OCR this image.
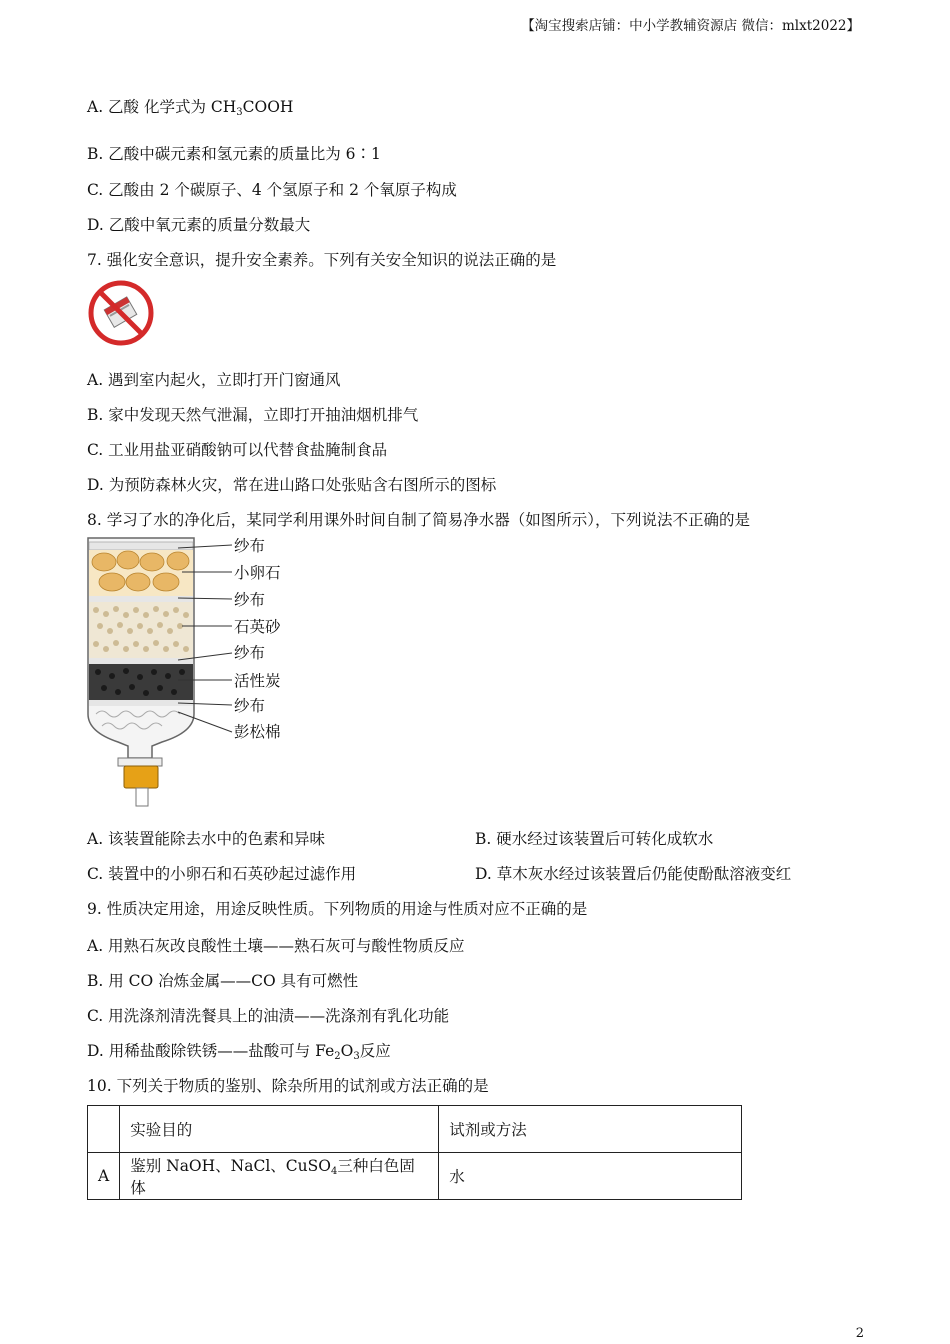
【淘宝搜索店铺：中小学教辅资源店 微信：mlxt2022】
A. 乙酸 化学式为 $CH_3COOH$
B. 乙酸中碳元素和氢元素的质量比为 6∶1
C. 乙酸由 2 个碳原子、4 个氢原子和 2 个氧原子构成
D. 乙酸中氧元素的质量分数最大
7. 强化安全意识，提升安全素养。下列有关安全知识的说法正确的是
A. 遇到室内起火，立即打开门窗通风
B. 家中发现天然气泄漏，立即打开抽油烟机排气
C. 工业用盐亚硝酸钠可以代替食盐腌制食品
D. 为预防森林火灾，常在进山路口处张贴含右图所示的图标
8. 学习了水的净化后，某同学利用课外时间自制了简易净水器（如图所示），下列说法不正确的是
纱布
小卵石
纱布
石英砂
纱布
活性炭
纱布
彭松棉
A. 该装置能除去水中的色素和异味	B. 硬水经过该装置后可转化成软水
C. 装置中的小卵石和石英砂起过滤作用	D. 草木灰水经过该装置后仍能使酚酞溶液变红
9. 性质决定用途，用途反映性质。下列物质的用途与性质对应不正确的是
A. 用熟石灰改良酸性土壤——熟石灰可与酸性物质反应
B. 用 CO 冶炼金属——CO 具有可燃性
C. 用洗涤剂清洗餐具上的油渍——洗涤剂有乳化功能
D. 用稀盐酸除铁锈——盐酸可与 $Fe_2O_3$反应
10. 下列关于物质的鉴别、除杂所用的试剂或方法正确的是
	实验目的	试剂或方法
A	鉴别 NaOH、NaCl、CuSO$_4$三种白色固体	水
2
